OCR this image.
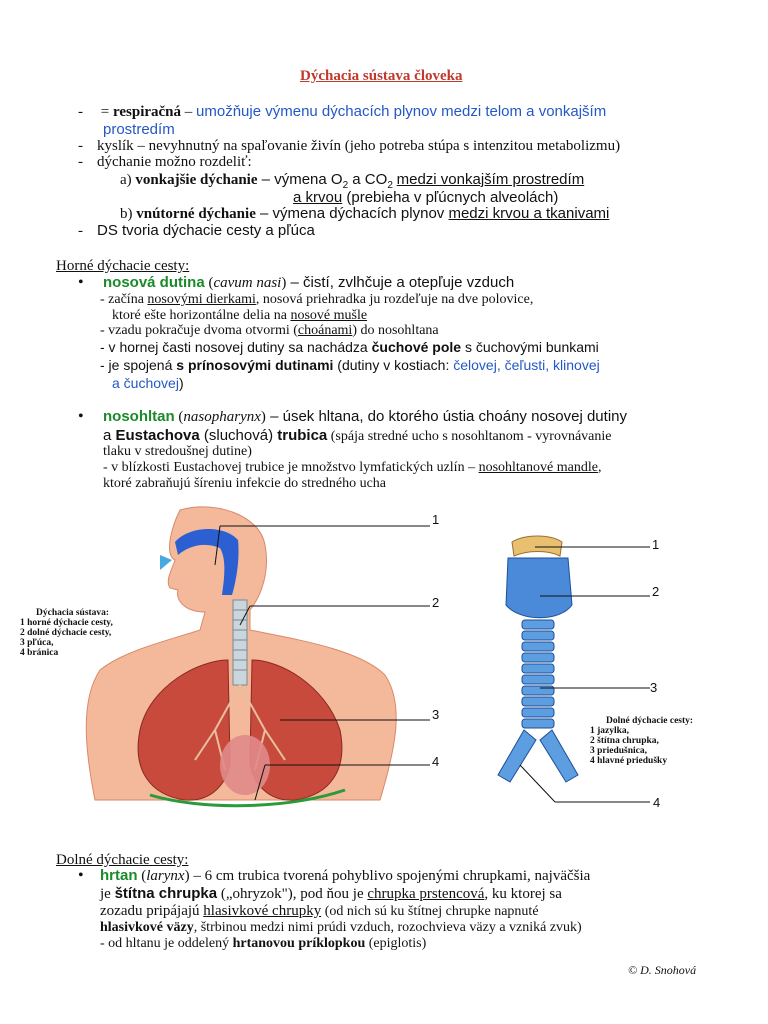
Dýchacia sústava človeka
- = respiračná – umožňuje výmenu dýchacích plynov medzi telom a vonkajším
prostredím
- kyslík – nevyhnutný na spaľovanie živín (jeho potreba stúpa s intenzitou metabolizmu)
- dýchanie možno rozdeliť:
a) vonkajšie dýchanie – výmena $O_2$ a $CO_2$ medzi vonkajším prostredím
a krvou (prebieha v pľúcnych alveolách)
b) vnútorné dýchanie – výmena dýchacích plynov medzi krvou a tkanivami
- DS tvoria dýchacie cesty a pľúca
Horné dýchacie cesty:
• nosová dutina (cavum nasi) – čistí, zvlhčuje a otepľuje vzduch
- začína nosovými dierkami, nosová priehradka ju rozdeľuje na dve polovice,
ktoré ešte horizontálne delia na nosové mušle
- vzadu pokračuje dvoma otvormi (choánami) do nosohltana
- v hornej časti nosovej dutiny sa nachádza čuchové pole s čuchovými bunkami
- je spojená s prínosovými dutinami (dutiny v kostiach: čelovej, čeľusti, klinovej
a čuchovej)
• nosohltan (nasopharynx) – úsek hltana, do ktorého ústia choány nosovej dutiny
a Eustachova (sluchová) trubica (spája stredné ucho s nosohltanom - vyrovnávanie
tlaku v stredoušnej dutine)
- v blízkosti Eustachovej trubice je množstvo lymfatických uzlín – nosohltanové mandle,
ktoré zabraňujú šíreniu infekcie do stredného ucha
1
2
3
4
Dýchacia sústava:
1 horné dýchacie cesty,
2 dolné dýchacie cesty,
3 pľúca,
4 bránica
1
2
3
4
Dolné dýchacie cesty:
1 jazylka,
2 štítna chrupka,
3 priedušnica,
4 hlavné priedušky
Dolné dýchacie cesty:
• hrtan (larynx) – 6 cm trubica tvorená pohyblivo spojenými chrupkami, najväčšia
je štítna chrupka („ohryzok"), pod ňou je chrupka prstencová, ku ktorej sa
zozadu pripájajú hlasivkové chrupky (od nich sú ku štítnej chrupke napnuté
hlasivkové väzy, štrbinou medzi nimi prúdi vzduch, rozochvieva väzy a vzniká zvuk)
- od hltanu je oddelený hrtanovou príklopkou (epiglotis)
© D. Snohová
